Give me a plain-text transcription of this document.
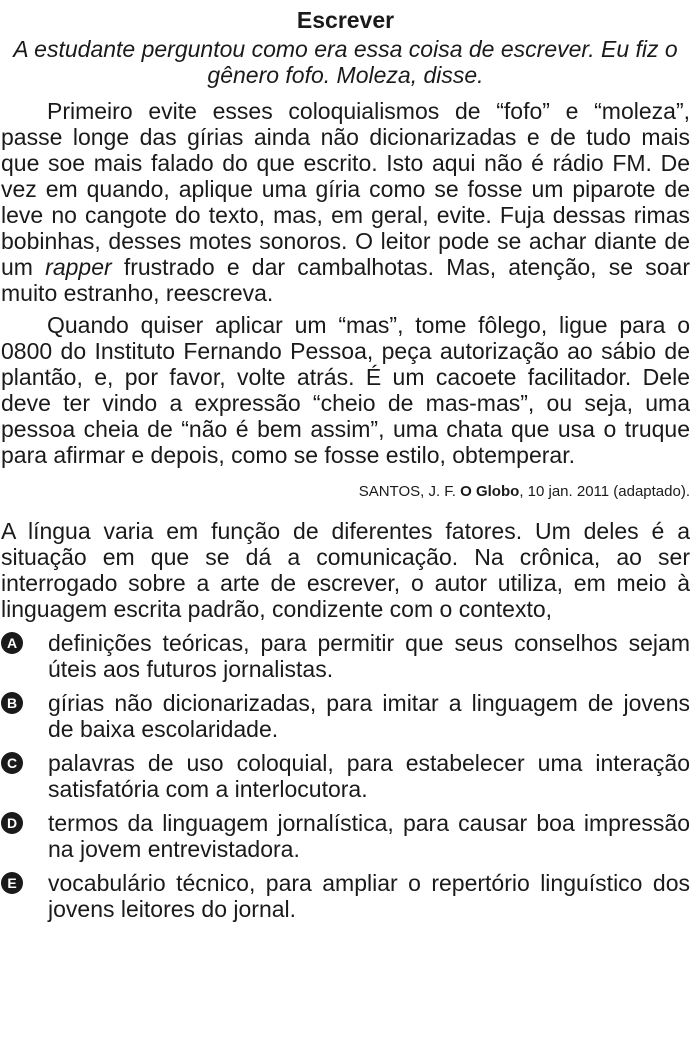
Escrever

A estudante perguntou como era essa coisa de escrever. Eu fiz o gênero fofo. Moleza, disse.

Primeiro evite esses coloquialismos de “fofo” e “moleza”, passe longe das gírias ainda não dicionarizadas e de tudo mais que soe mais falado do que escrito. Isto aqui não é rádio FM. De vez em quando, aplique uma gíria como se fosse um piparote de leve no cangote do texto, mas, em geral, evite. Fuja dessas rimas bobinhas, desses motes sonoros. O leitor pode se achar diante de um rapper frustrado e dar cambalhotas. Mas, atenção, se soar muito estranho, reescreva.

Quando quiser aplicar um “mas”, tome fôlego, ligue para o 0800 do Instituto Fernando Pessoa, peça autorização ao sábio de plantão, e, por favor, volte atrás. É um cacoete facilitador. Dele deve ter vindo a expressão “cheio de mas-mas”, ou seja, uma pessoa cheia de “não é bem assim”, uma chata que usa o truque para afirmar e depois, como se fosse estilo, obtemperar.

SANTOS, J. F. O Globo, 10 jan. 2011 (adaptado).

A língua varia em função de diferentes fatores. Um deles é a situação em que se dá a comunicação. Na crônica, ao ser interrogado sobre a arte de escrever, o autor utiliza, em meio à linguagem escrita padrão, condizente com o contexto,

A definições teóricas, para permitir que seus conselhos sejam úteis aos futuros jornalistas.
B gírias não dicionarizadas, para imitar a linguagem de jovens de baixa escolaridade.
C palavras de uso coloquial, para estabelecer uma interação satisfatória com a interlocutora.
D termos da linguagem jornalística, para causar boa impressão na jovem entrevistadora.
E vocabulário técnico, para ampliar o repertório linguístico dos jovens leitores do jornal.
